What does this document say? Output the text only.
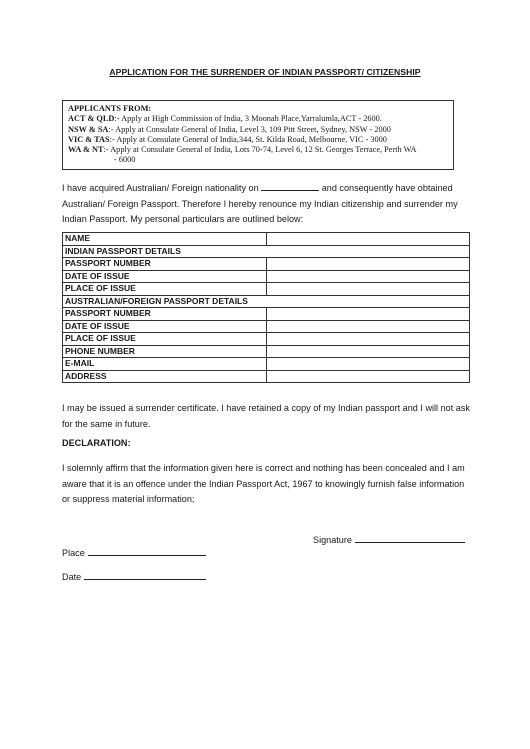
APPLICATION FOR THE SURRENDER OF INDIAN PASSPORT/ CITIZENSHIP
APPLICANTS FROM:
ACT & QLD:- Apply at High Commission of India, 3 Moonah Place,Yarralumla,ACT - 2600.
NSW & SA:- Apply at Consulate General of India, Level 3, 109 Pitt Street, Sydney, NSW - 2000
VIC & TAS:- Apply at Consulate General of India,344, St. Kilda Road, Melbourne, VIC - 3000
WA & NT:- Apply at Consulate General of India, Lots 70-74, Level 6, 12 St. Georges Terrace, Perth WA
- 6000
I have acquired Australian/ Foreign nationality on	and consequently have obtained Australian/ Foreign Passport. Therefore I hereby renounce my Indian citizenship and surrender my Indian Passport. My personal particulars are outlined below:
NAME	
INDIAN PASSPORT DETAILS	
PASSPORT NUMBER	
DATE OF ISSUE	
PLACE OF ISSUE	
AUSTRALIAN/FOREIGN PASSPORT DETAILS	
PASSPORT NUMBER	
DATE OF ISSUE	
PLACE OF ISSUE	
PHONE NUMBER	
E-MAIL	
ADDRESS	
I may be issued a surrender certificate. I have retained a copy of my Indian passport and I will not ask for the same in future.
DECLARATION:
I solemnly affirm that the information given here is correct and nothing has been concealed and I am aware that it is an offence under the Indian Passport Act, 1967 to knowingly furnish false information or suppress material information;
Signature
Place
Date
